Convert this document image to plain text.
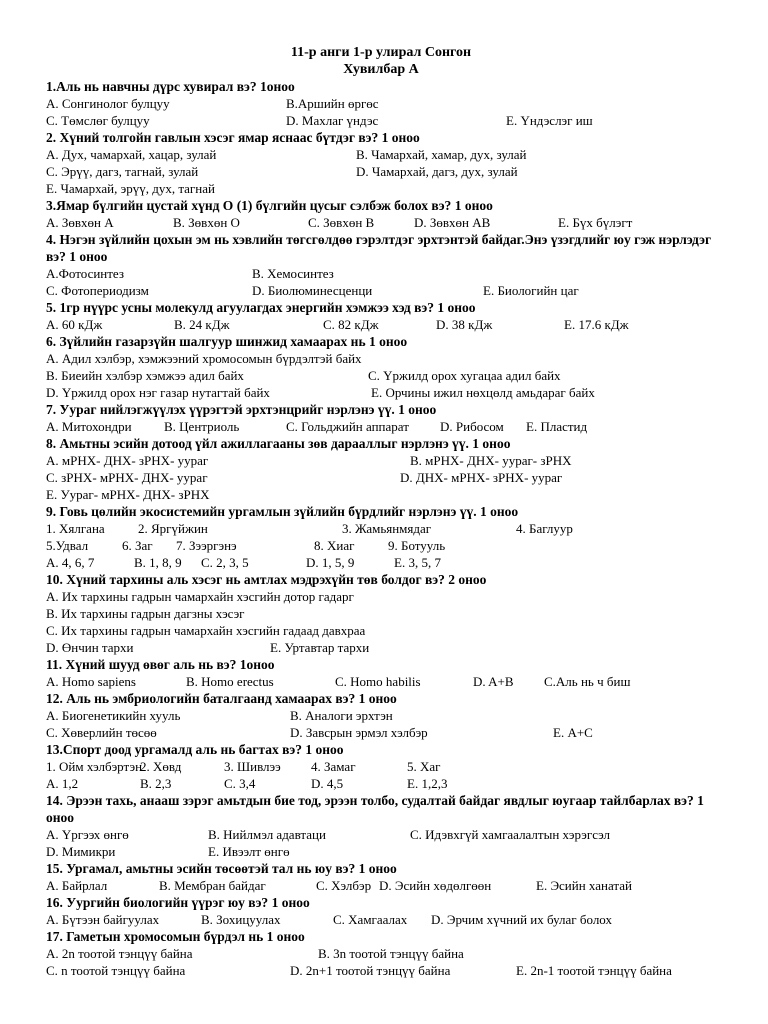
11-р анги 1-р улирал Сонгон
Хувилбар А
1.Аль нь навчны дүрс хувирал вэ? 1оноо
А. Сонгинолог булцуу	В.Аршийн өргөс
С. Төмслөг булцуу	D. Махлаг үндэс	Е. Үндэслэг иш
2. Хүний толгойн гавлын хэсэг ямар яснаас бүтдэг вэ? 1 оноо
А. Дух, чамархай, хацар, зулай	В. Чамархай, хамар, дух, зулай
С. Эрүү, дагз, тагнай, зулай	D. Чамархай, дагз, дух, зулай
Е. Чамархай, эрүү, дух, тагнай
3.Ямар бүлгийн цустай хүнд О (1) бүлгийн цусыг сэлбэж болох вэ? 1 оноо
А. Зөвхөн А	В. Зөвхөн О	С. Зөвхөн В	D. Зөвхөн АВ	Е. Бүх бүлэгт
4. Нэгэн зүйлийн цохын эм нь хэвлийн төгсгөлдөө гэрэлтдэг эрхтэнтэй байдаг.Энэ үзэгдлийг юу гэж нэрлэдэг вэ? 1 оноо
А.Фотосинтез	В. Хемосинтез
С. Фотопериодизм	D. Биолюминесценци	Е. Биологийн цаг
5. 1гр нүүрс усны молекулд агуулагдах энергийн хэмжээ хэд вэ? 1 оноо
А. 60 кДж	В. 24 кДж	С. 82 кДж	D. 38 кДж	Е. 17.6 кДж
6. Зүйлийн газарзүйн шалгуур шинжид хамаарах нь 1 оноо
А. Адил хэлбэр, хэмжээний хромосомын бүрдэлтэй байх
В. Биеийн хэлбэр хэмжээ адил байх	С. Үржилд орох хугацаа адил байх
D. Үржилд орох нэг газар нутагтай байх	Е. Орчины ижил нөхцөлд амьдараг байх
7. Уураг нийлэгжүүлэх үүрэгтэй эрхтэнцрийг нэрлэнэ үү. 1 оноо
А. Митохондри В. Центриоль	С. Гольджийн аппарат D. Рибосом Е. Пластид
8. Амьтны эсийн дотоод үйл ажиллагааны зөв дарааллыг нэрлэнэ үү. 1 оноо
А. мРНХ- ДНХ- зРНХ- уураг	В. мРНХ- ДНХ- уураг- зРНХ
С. зРНХ- мРНХ- ДНХ- уураг	D. ДНХ- мРНХ- зРНХ- уураг
Е. Уураг- мРНХ- ДНХ- зРНХ
9. Говь цөлийн экосистемийн ургамлын зүйлийн бүрдлийг нэрлэнэ үү. 1 оноо
1. Хялгана	2. Яргүйжин	3. Жамьянмядаг	4. Баглуур
5.Удвал	6. Заг 7. Зээргэнэ	8. Хиаг	9. Ботууль
А. 4, 6, 7	В. 1, 8, 9 С. 2, 3, 5	D. 1, 5, 9	Е. 3, 5, 7
10. Хүний тархины аль хэсэг нь амтлах мэдрэхүйн төв болдог вэ? 2 оноо
А. Их тархины гадрын чамархайн хэсгийн дотор гадарг
В. Их тархины гадрын дагзны хэсэг
С. Их тархины гадрын чамархайн хэсгийн гадаад давхраа
D. Өнчин тархи	Е. Уртавтар тархи
11. Хүний шууд өвөг аль нь вэ? 1оноо
А. Homo sapiens	В. Homo erectus	С. Homo habilis	D. A+B С.Аль нь ч биш
12. Аль нь эмбриологийн баталгаанд хамаарах вэ? 1 оноо
А. Биогенетикийн хууль	В. Аналоги эрхтэн
С. Хөверлийн төсөө	D. Завсрын эрмэл хэлбэр	Е. А+С
13.Спорт доод ургамалд аль нь багтах вэ? 1 оноо
1. Ойм хэлбэртэн
2. Хөвд	3. Шивлээ 4. Замаг	5. Хаг
А. 1,2	В. 2,3	С. 3,4	D. 4,5	Е. 1,2,3
14. Эрээн тахь, анааш зэрэг амьтдын бие тод, эрээн толбо, судалтай байдаг явдлыг юугаар тайлбарлах вэ? 1 оноо
А. Үргээх өнгө	В. Нийлмэл адавтаци	С. Идэвхгүй хамгаалалтын хэрэгсэл
D. Мимикри	Е. Ивээлт өнгө
15. Ургамал, амьтны эсийн төсөөтэй тал нь юу вэ? 1 оноо
А. Байрлал	В. Мембран байдаг	С. Хэлбэр D. Эсийн хөдөлгөөн	Е. Эсийн ханатай
16. Уургийн биологийн үүрэг юу вэ? 1 оноо
А. Бүтээн байгуулах	В. Зохицуулах	С. Хамгаалах D. Эрчим хүчний их булаг болох
17. Гаметын хромосомын бүрдэл нь 1 оноо
А. 2n тоотой тэнцүү байна	В. 3n тоотой тэнцүү байна
С. n тоотой тэнцүү байна	D. 2n+1 тоотой тэнцүү байна	Е. 2n-1 тоотой тэнцүү байна
